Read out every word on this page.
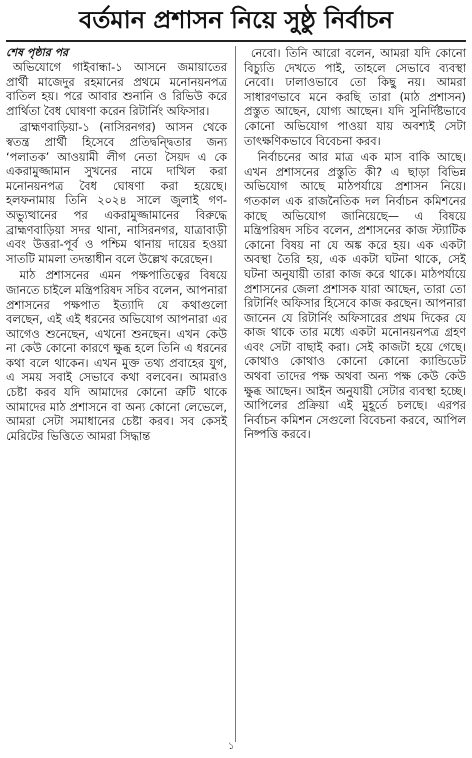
বর্তমান প্রশাসন নিয়ে সুষ্ঠু নির্বাচন
শেষ পৃষ্ঠার পর

অভিযোগে গাইবান্ধা-১ আসনে জমায়াতের প্রার্থী মাজেদুর রহমানের প্রথমে মনোনয়নপত্র বাতিল হয়। পরে আবার শুনানি ও রিভিউ করে প্রার্থিতা বৈধ ঘোষণা করেন রিটার্নিং অফিসার।

ব্রাহ্মণবাড়িয়া-১ (নাসিরনগর) আসন থেকে স্বতন্ত্র প্রার্থী হিসেবে প্রতিদ্বন্দ্বিতার জন্য ‘পলাতক’ আওয়ামী লীগ নেতা সৈয়দ এ কে একরামুজ্জামান সুখনের নামে দাখিল করা মনোনয়নপত্র বৈধ ঘোষণা করা হয়েছে। হলফনামায় তিনি ২০২৪ সালে জুলাই গণ-অভ্যুত্থানের পর একরামুজ্জামানের বিরুদ্ধে ব্রাহ্মণবাড়িয়া সদর থানা, নাসিরনগর, যাত্রাবাড়ী এবং উত্তরা-পূর্ব ও পশ্চিম থানায় দায়ের হওয়া সাতটি মামলা তদন্তাধীন বলে উল্লেখ করেছেন।

মাঠ প্রশাসনের এমন পক্ষপাতিত্বের বিষয়ে জানতে চাইলে মন্ত্রিপরিষদ সচিব বলেন, আপনারা প্রশাসনের পক্ষপাত ইত্যাদি যে কথাগুলো বলছেন, এই এই ধরনের অভিযোগ আপনারা এর আগেও শুনেছেন, এখনো শুনছেন। এখন কেউ না কেউ কোনো কারণে ক্ষুব্ধ হলে তিনি এ ধরনের কথা বলে থাকেন। এখন মুক্ত তথ্য প্রবাহের যুগ, এ সময় সবাই সেভাবে কথা বলবেন। আমরাও চেষ্টা করব যদি আমাদের কোনো ত্রুটি থাকে আমাদের মাঠ প্রশাসনে বা অন্য কোনো লেভেলে, আমরা সেটা সমাধানের চেষ্টা করব। সব কেসই মেরিটের ভিত্তিতে আমরা সিদ্ধান্ত

নেবো। তিনি আরো বলেন, আমরা যদি কোনো বিচ্যুতি দেখতে পাই, তাহলে সেভাবে ব্যবস্থা নেবো। ঢালাওভাবে তো কিছু নয়। আমরা সাধারণভাবে মনে করছি তারা (মাঠ প্রশাসন) প্রস্তুত আছেন, যোগ্য আছেন। যদি সুনির্দিষ্টভাবে কোনো অভিযোগ পাওয়া যায় অবশ্যই সেটা তাৎক্ষণিকভাবে বিবেচনা করব।

নির্বাচনের আর মাত্র এক মাস বাকি আছে। এখন প্রশাসনের প্রস্তুতি কী? এ ছাড়া বিভিন্ন অভিযোগ আছে মাঠপর্যায়ে প্রশাসন নিয়ে। গতকাল এক রাজনৈতিক দল নির্বাচন কমিশনের কাছে অভিযোগ জানিয়েছে— এ বিষয়ে মন্ত্রিপরিষদ সচিব বলেন, প্রশাসনের কাজ স্ট্যাটিক কোনো বিষয় না যে অঙ্ক করে হয়। এক একটা অবস্থা তৈরি হয়, এক একটা ঘটনা থাকে, সেই ঘটনা অনুযায়ী তারা কাজ করে থাকে। মাঠপর্যায়ে প্রশাসনের জেলা প্রশাসক যারা আছেন, তারা তো রিটার্নিং অফিসার হিসেবে কাজ করছেন। আপনারা জানেন যে রিটার্নিং অফিসারের প্রথম দিকের যে কাজ থাকে তার মধ্যে একটা মনোনয়নপত্র গ্রহণ এবং সেটা বাছাই করা। সেই কাজটা হয়ে গেছে। কোথাও কোথাও কোনো কোনো ক্যান্ডিডেট অথবা তাদের পক্ষ অথবা অন্য পক্ষ কেউ কেউ ক্ষুব্ধ আছেন। আইন অনুযায়ী সেটার ব্যবস্থা হচ্ছে। আপিলের প্রক্রিয়া এই মুহূর্তে চলছে। এরপর নির্বাচন কমিশন সেগুলো বিবেচনা করবে, আপিল নিষ্পত্তি করবে।

১
